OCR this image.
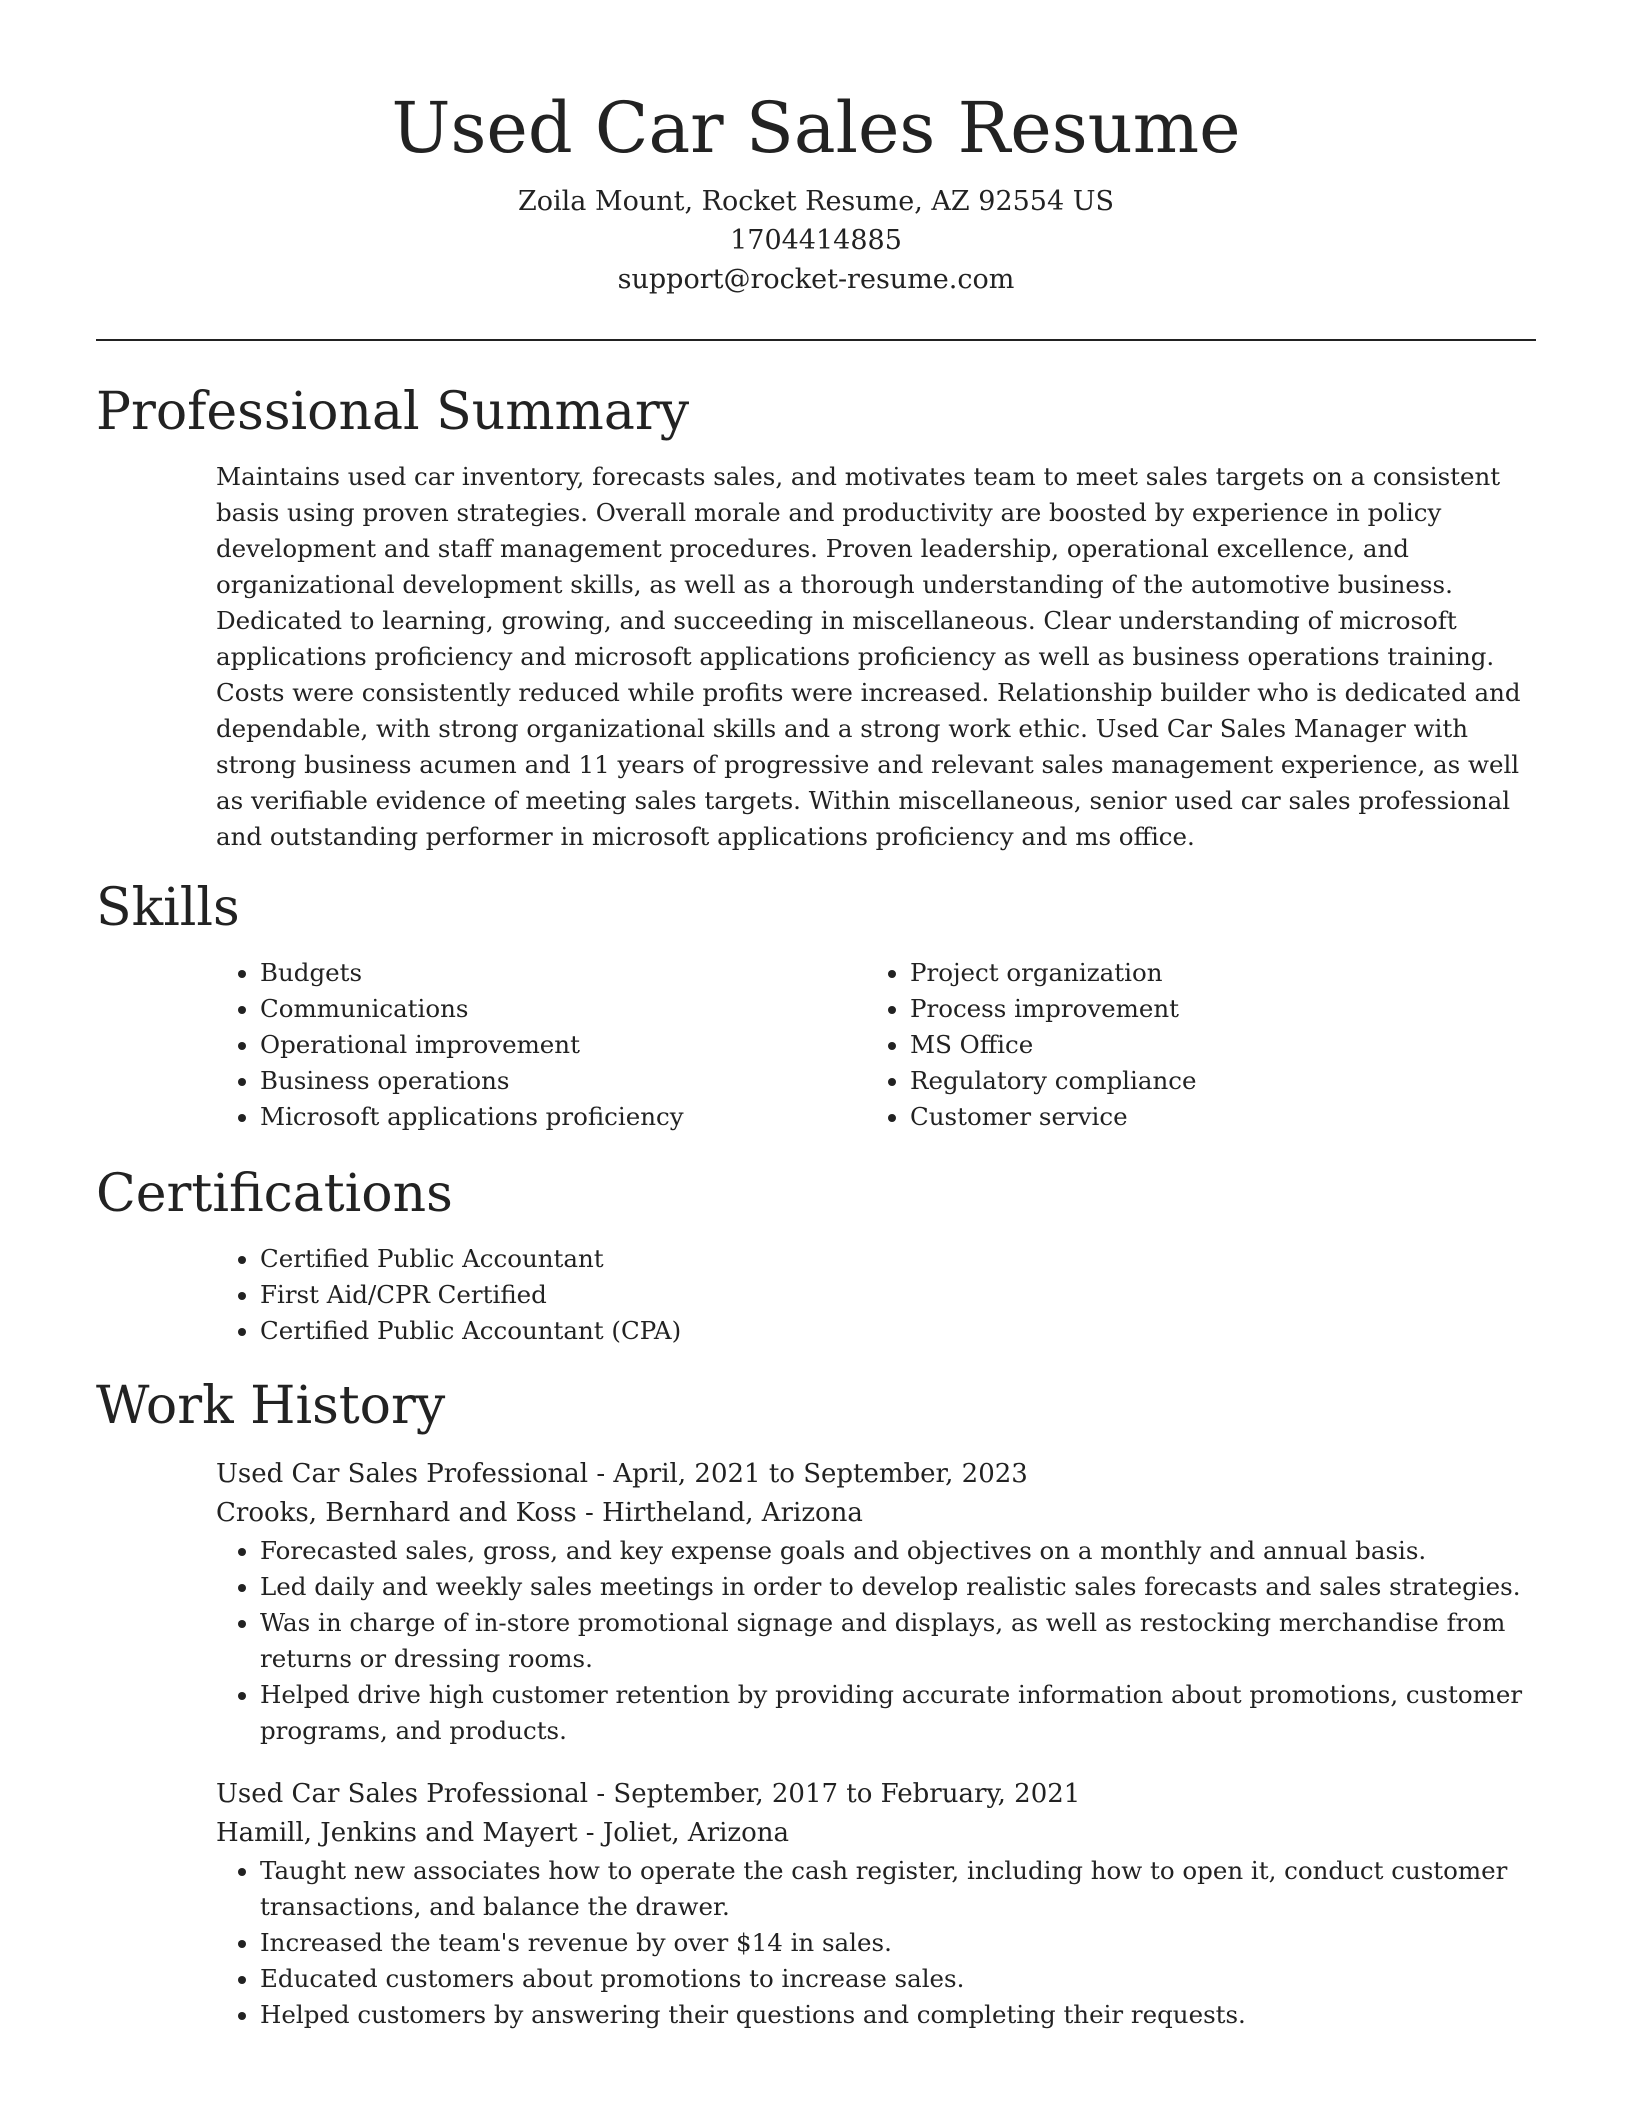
Used Car Sales Resume
Zoila Mount, Rocket Resume, AZ 92554 US
1704414885
support@rocket-resume.com
Professional Summary

Maintains used car inventory, forecasts sales, and motivates team to meet sales targets on a consistent basis using proven strategies. Overall morale and productivity are boosted by experience in policy development and staff management procedures. Proven leadership, operational excellence, and organizational development skills, as well as a thorough understanding of the automotive business. Dedicated to learning, growing, and succeeding in miscellaneous. Clear understanding of microsoft applications proficiency and microsoft applications proficiency as well as business operations training. Costs were consistently reduced while profits were increased. Relationship builder who is dedicated and dependable, with strong organizational skills and a strong work ethic. Used Car Sales Manager with strong business acumen and 11 years of progressive and relevant sales management experience, as well as verifiable evidence of meeting sales targets. Within miscellaneous, senior used car sales professional and outstanding performer in microsoft applications proficiency and ms office.

Skills
• Budgets
• Communications
• Operational improvement
• Business operations
• Microsoft applications proficiency
• Project organization
• Process improvement
• MS Office
• Regulatory compliance
• Customer service
Certifications
• Certified Public Accountant
• First Aid/CPR Certified
• Certified Public Accountant (CPA)
Work History
Used Car Sales Professional - April, 2021 to September, 2023
Crooks, Bernhard and Koss - Hirtheland, Arizona
• Forecasted sales, gross, and key expense goals and objectives on a monthly and annual basis.
• Led daily and weekly sales meetings in order to develop realistic sales forecasts and sales strategies.
• Was in charge of in-store promotional signage and displays, as well as restocking merchandise from returns or dressing rooms.
• Helped drive high customer retention by providing accurate information about promotions, customer programs, and products.
Used Car Sales Professional - September, 2017 to February, 2021
Hamill, Jenkins and Mayert - Joliet, Arizona
• Taught new associates how to operate the cash register, including how to open it, conduct customer transactions, and balance the drawer.
• Increased the team's revenue by over $14 in sales.
• Educated customers about promotions to increase sales.
• Helped customers by answering their questions and completing their requests.
